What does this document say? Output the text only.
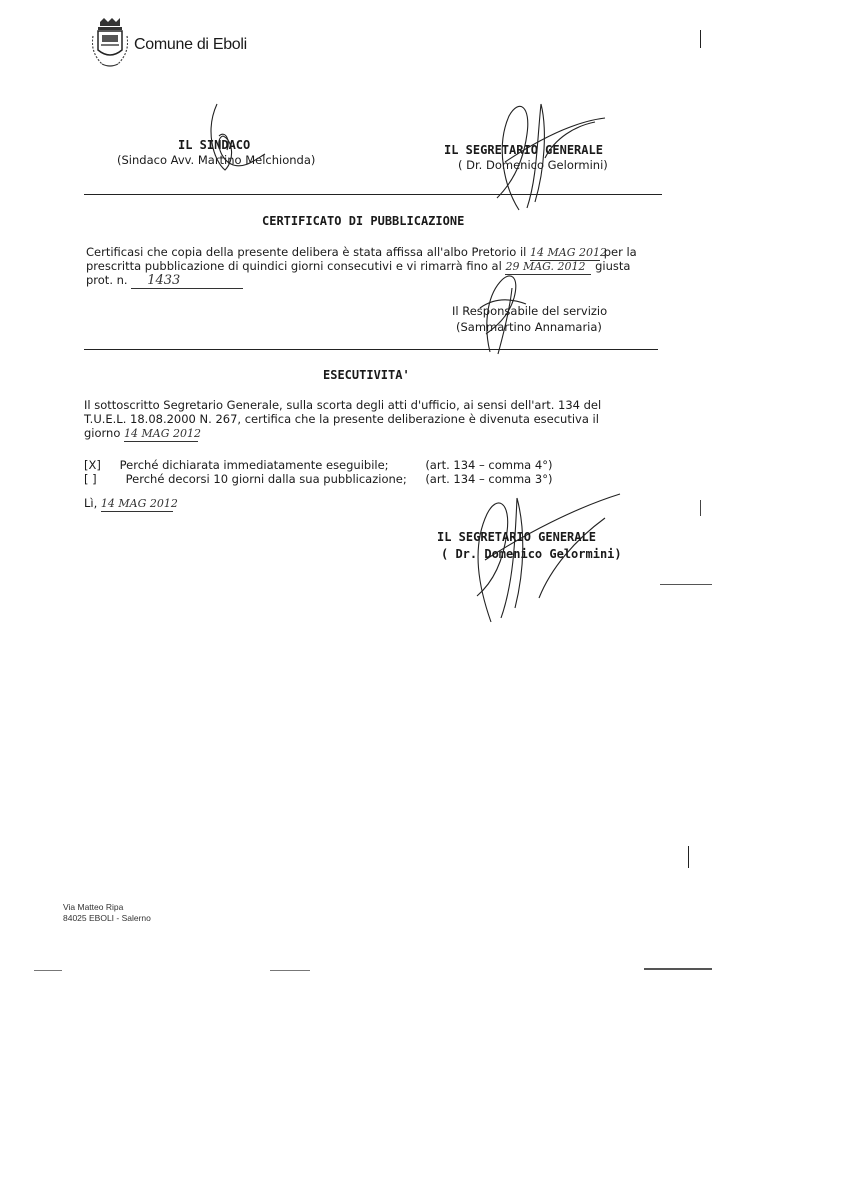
Comune di Eboli
IL SINDACO
(Sindaco Avv. Martino Melchionda)
IL SEGRETARIO GENERALE
( Dr. Domenico Gelormini)
CERTIFICATO DI PUBBLICAZIONE
Certificasi che copia della presente delibera è stata affissa all'albo Pretorio il 14 MAG 2012 per la
prescritta pubblicazione di quindici giorni consecutivi e vi rimarrà fino al 29 MAG. 2012 giusta
prot. n. 1433
Il Responsabile del servizio
(Sammartino Annamaria)
ESECUTIVITA'
Il sottoscritto Segretario Generale, sulla scorta degli atti d'ufficio, ai sensi dell'art. 134 del
T.U.E.L. 18.08.2000 N. 267, certifica che la presente deliberazione è divenuta esecutiva il
giorno 14 MAG 2012
[X] Perché dichiarata immediatamente eseguibile;	(art. 134 – comma 4°)
[ ]	Perché decorsi 10 giorni dalla sua pubblicazione; (art. 134 – comma 3°)
Lì, 14 MAG 2012
IL SEGRETARIO GENERALE
( Dr. Domenico Gelormini)
Via Matteo Ripa
84025 EBOLI - Salerno
